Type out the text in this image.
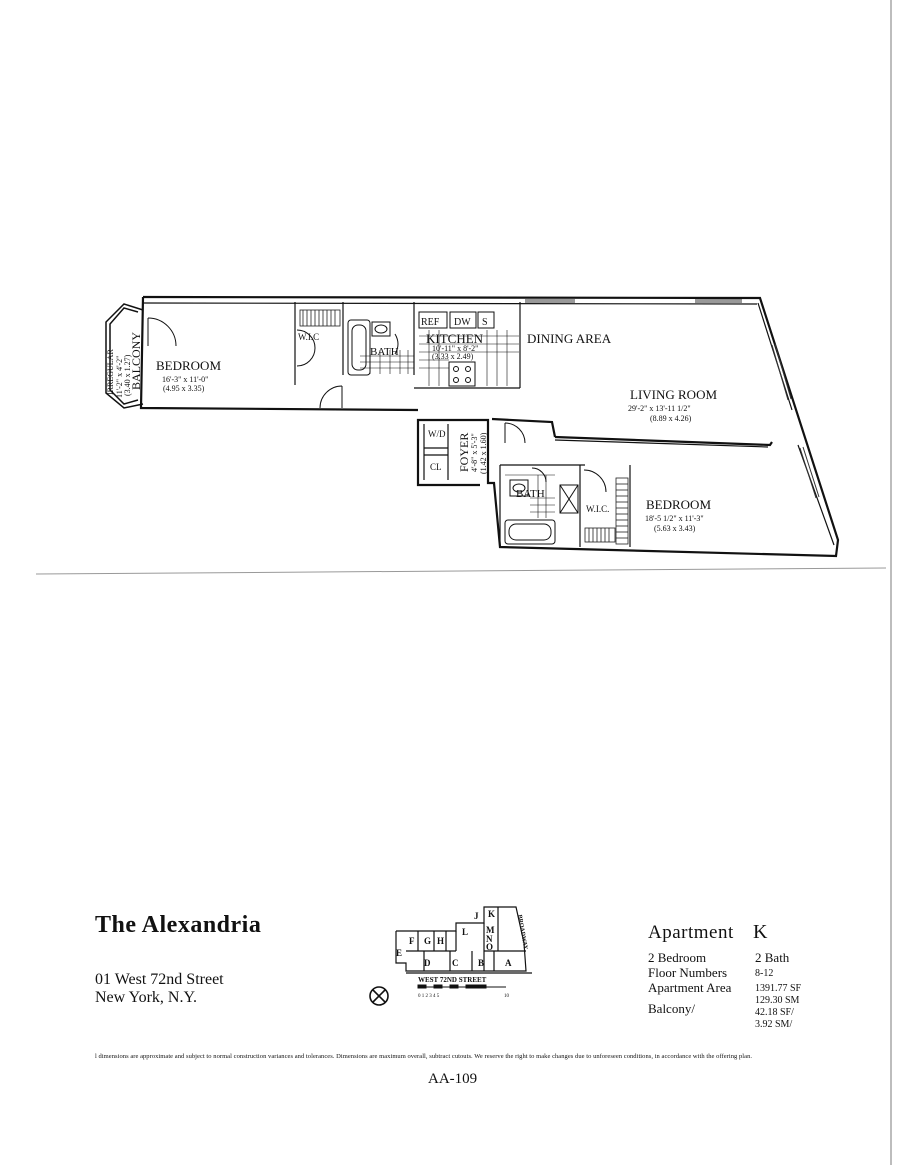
IRREGULAR 11'-2" x 4'-2" (3.40 x 1.27)
BALCONY BEDROOM
16'-3" x 11'-0"
(4.95 x 3.35)
W.I.C
BATH
REF DW S
KITCHEN
10'-11" x 8'-2"
(3.33 x 2.49)
DINING AREA
LIVING ROOM
29'-2" x 13'-11 1/2"
(8.89 x 4.26)
W/D
CL FOYER 4'-8" x 5'-3" (1.42 x 1.60)
BATH
W.I.C.	BEDROOM
18'-5 1/2" x 11'-3"
(5.63 x 3.43)
The Alexandria
01 West 72nd Street
New York, N.Y.
J K
F G H
L M
N
O
E
D C B A
BROADWAY
WEST 72ND STREET
0 1 2 3 4 5	10
Apartment K
2 Bedroom	2 Bath
Floor Numbers	8-12
Apartment Area 1391.77 SF
129.30 SM
Balcony/	42.18 SF/
3.92 SM/
l dimensions are approximate and subject to normal construction variances and tolerances. Dimensions are maximum overall, subtract cutouts. We reserve the right to make changes due to unforeseen conditions, in accordance with the offering plan.
AA-109
